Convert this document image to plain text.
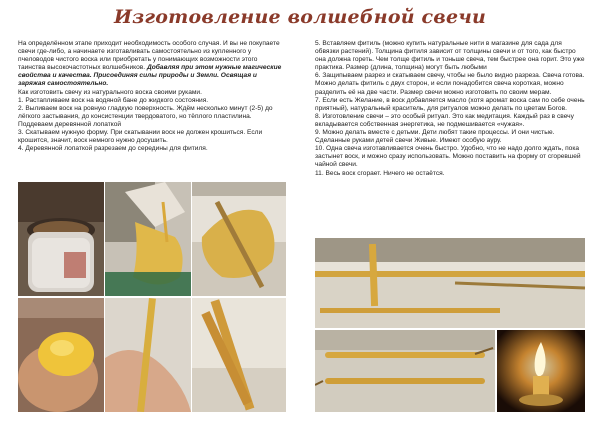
Изготовление волшебной свечи

На определённом этапе приходит необходимость особого случая. И вы не покупаете свечи где-либо, а начинаете изготавливать самостоятельно из купленного у пчеловодов чистого воска или приобретать у понимающих возможности этого таинства высокочастотных волшебников. Добавляя при этом нужные магические свойства и качества. Присоединяя силы природы и Земли. Освящая и заряжая самостоятельно.

Как изготовить свечу из натурального воска своими руками.

1. Растапливаем воск на водяной бане до жидкого состояния.

2. Выливаем воск на ровную гладкую поверхность. Ждём несколько минут (2-5) до лёгкого застывания, до консистенции твердоватого, но тёплого пластилина. Поддеваем деревянной лопаткой

3. Скатываем нужную форму. При скатывании воск не должен крошиться. Если крошится, значит, воск немного нужно досушить.

4. Деревянной лопаткой разрезаем до середины для фитиля.

5. Вставляем фитиль (можно купить натуральные нити в магазине для сада для обвязки растений). Толщина фитиля зависит от толщины свечи и от того, как быстро она должна гореть. Чем толще фитиль и тоньше свеча, тем быстрее она горит. Это уже практика. Размер (длина, толщина) могут быть любыми

6. Защипываем разрез и скатываем свечу, чтобы не было видно разреза. Свеча готова. Можно делать фитиль с двух сторон, и если понадобится свеча короткая, можно разделить её на две части. Размер свечи можно изготовить по своим мерам.

7. Если есть Желание, в воск добавляется масло (хотя аромат воска сам по себе очень приятный), натуральный краситель, для ритуалов можно делать по цветам Богов.

8. Изготовление свечи – это особый ритуал. Это как медитация. Каждый раз в свечу вкладывается собственная энергетика, не подмешивается «чужая».

9. Можно делать вместе с детьми. Дети любят такие процессы. И они чистые. Сделанные руками детей свечи Живые. Имеют особую ауру.

10. Одна свеча изготавливается очень быстро. Удобно, что не надо долго ждать, пока застынет воск, и можно сразу использовать. Можно поставить на форму от сгоревшей чайной свечи.

11. Весь воск сгорает. Ничего не остаётся.
